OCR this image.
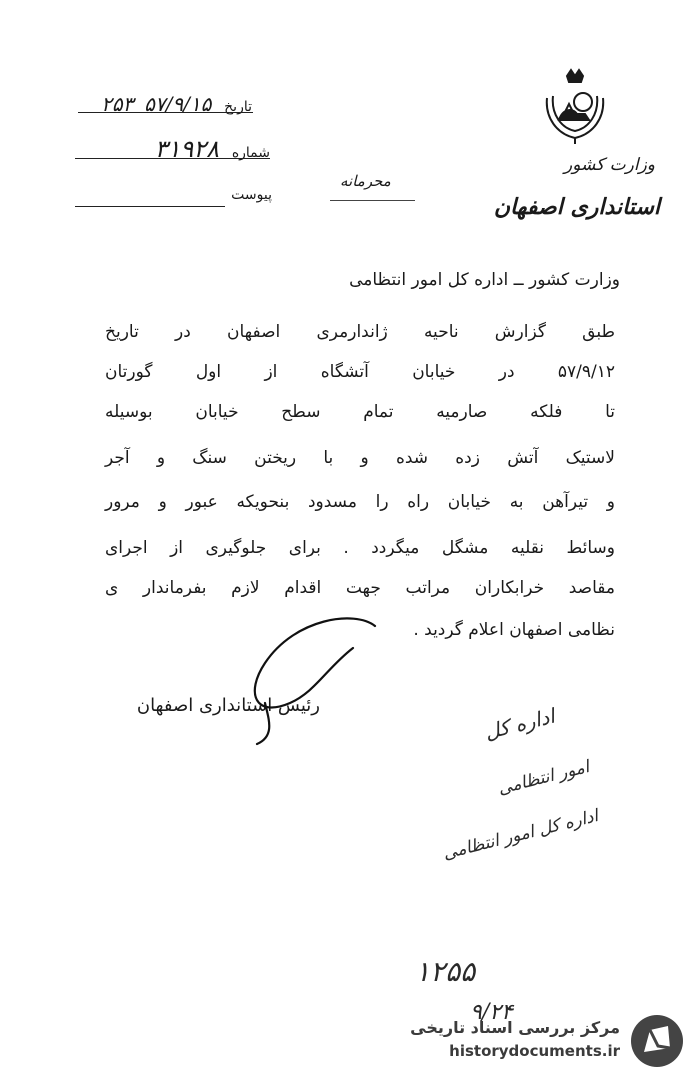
تاریخ ۵۷/۹/۱۵ ۲۵۳
شماره ۳۱۹۲۸
پیوست
وزارت کشور
استانداری اصفهان
محرمانه
وزارت کشور ــ اداره کل امور انتظامی
طبق گزارش ناحیه ژاندارمری اصفهان در تاریخ
۵۷/۹/۱۲ در خیابان آتشگاه از اول گورتان
تا فلکه صارمیه تمام سطح خیابان بوسیله
لاستیک آتش زده شده و با ریختن سنگ و آجر
و تیرآهن به خیابان راه را مسدود بنحویکه عبور و مرور
وسائط نقلیه مشگل میگردد . برای جلوگیری از اجرای
مقاصد خرابکاران مراتب جهت اقدام لازم بفرماندار ی
نظامی اصفهان اعلام گردید .
رئیس استانداری اصفهان	اداره کل
امور انتظامی
اداره کل امور انتظامی
۱۲۵۵
۹/۲۴
مرکز بررسی اسناد تاریخی
historydocuments.ir
